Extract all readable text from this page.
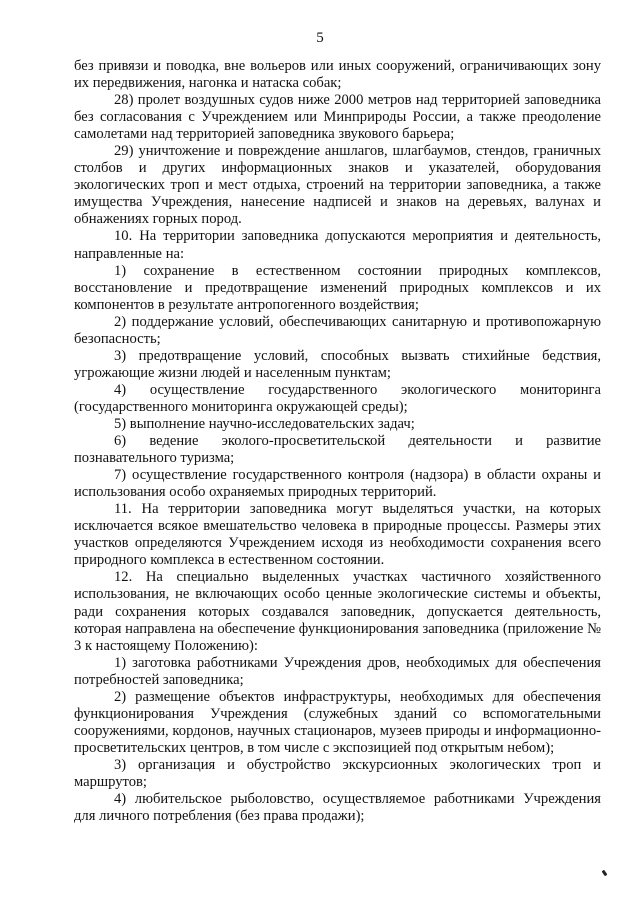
5

без привязи и поводка, вне вольеров или иных сооружений, ограничивающих зону их передвижения, нагонка и натаска собак;

28) пролет воздушных судов ниже 2000 метров над территорией заповедника без согласования с Учреждением или Минприроды России, а также преодоление самолетами над территорией заповедника звукового барьера;

29) уничтожение и повреждение аншлагов, шлагбаумов, стендов, граничных столбов и других информационных знаков и указателей, оборудования экологических троп и мест отдыха, строений на территории заповедника, а также имущества Учреждения, нанесение надписей и знаков на деревьях, валунах и обнажениях горных пород.

10. На территории заповедника допускаются мероприятия и деятельность, направленные на:

1) сохранение в естественном состоянии природных комплексов, восстановление и предотвращение изменений природных комплексов и их компонентов в результате антропогенного воздействия;

2) поддержание условий, обеспечивающих санитарную и противопожарную безопасность;

3) предотвращение условий, способных вызвать стихийные бедствия, угрожающие жизни людей и населенным пунктам;

4) осуществление государственного экологического мониторинга (государственного мониторинга окружающей среды);

5) выполнение научно-исследовательских задач;

6) ведение эколого-просветительской деятельности и развитие познавательного туризма;

7) осуществление государственного контроля (надзора) в области охраны и использования особо охраняемых природных территорий.

11. На территории заповедника могут выделяться участки, на которых исключается всякое вмешательство человека в природные процессы. Размеры этих участков определяются Учреждением исходя из необходимости сохранения всего природного комплекса в естественном состоянии.

12. На специально выделенных участках частичного хозяйственного использования, не включающих особо ценные экологические системы и объекты, ради сохранения которых создавался заповедник, допускается деятельность, которая направлена на обеспечение функционирования заповедника (приложение № 3 к настоящему Положению):

1) заготовка работниками Учреждения дров, необходимых для обеспечения потребностей заповедника;

2) размещение объектов инфраструктуры, необходимых для обеспечения функционирования Учреждения (служебных зданий со вспомогательными сооружениями, кордонов, научных стационаров, музеев природы и информационно-просветительских центров, в том числе с экспозицией под открытым небом);

3) организация и обустройство экскурсионных экологических троп и маршрутов;

4) любительское рыболовство, осуществляемое работниками Учреждения для личного потребления (без права продажи);
